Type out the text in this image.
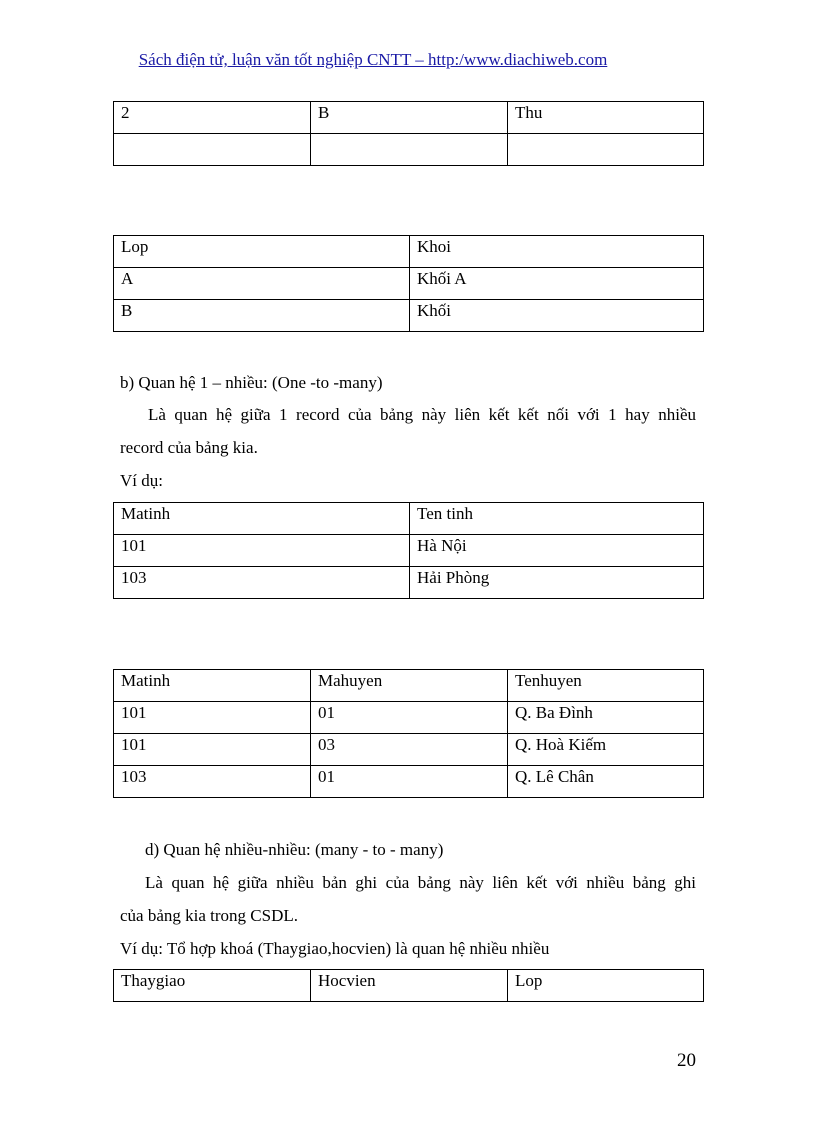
Sách điện tử, luận văn tốt nghiệp CNTT – http:/www.diachiweb.com
2	B	Thu

Lop	Khoi
A	Khối A
B	Khối
b) Quan hệ 1 – nhiều: (One -to -many)
Là quan hệ giữa 1 record của bảng này liên kết kết nối với 1 hay nhiều
record của bảng kia.
Ví dụ:
Matinh	Ten tinh
101	Hà Nội
103	Hải Phòng
Matinh	Mahuyen	Tenhuyen
101	01	Q. Ba Đình
101	03	Q. Hoà Kiếm
103	01	Q. Lê Chân
d) Quan hệ nhiều-nhiều: (many - to - many)
Là quan hệ giữa nhiều bản ghi của bảng này liên kết với nhiều bảng ghi
của bảng kia trong CSDL.
Ví dụ: Tổ hợp khoá (Thaygiao,hocvien) là quan hệ nhiều nhiều
Thaygiao	Hocvien	Lop
20
